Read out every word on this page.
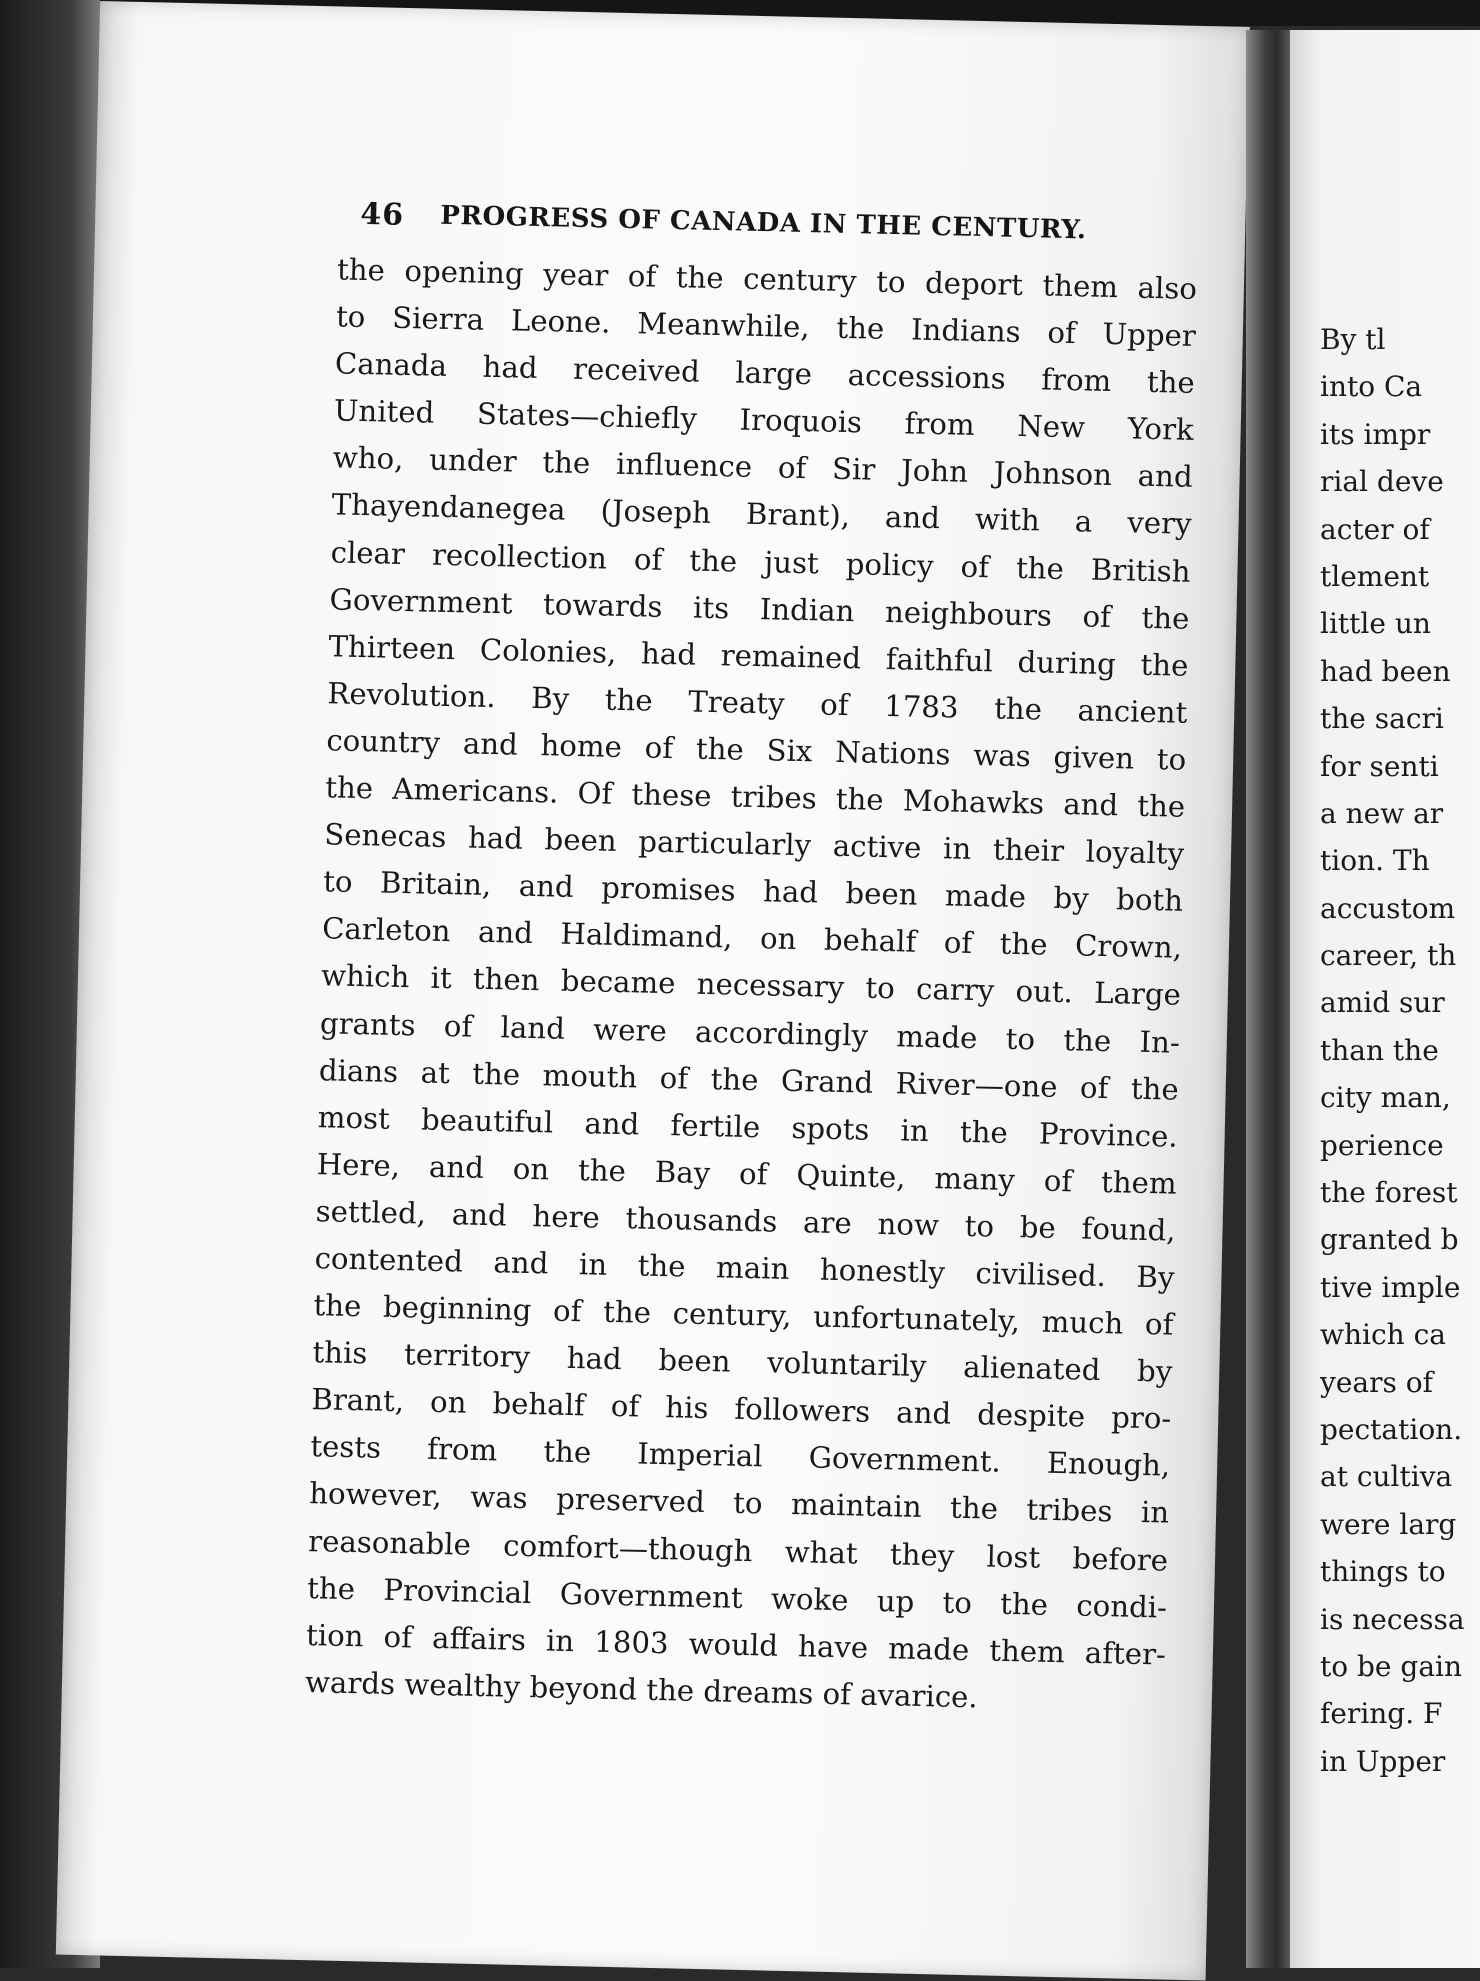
46 PROGRESS OF CANADA IN THE CENTURY.
the opening year of the century to deport them also
to Sierra Leone. Meanwhile, the Indians of Upper
Canada had received large accessions from the
United States—chiefly Iroquois from New York
who, under the influence of Sir John Johnson and
Thayendanegea (Joseph Brant), and with a very
clear recollection of the just policy of the British
Government towards its Indian neighbours of the
Thirteen Colonies, had remained faithful during the
Revolution. By the Treaty of 1783 the ancient
country and home of the Six Nations was given to
the Americans. Of these tribes the Mohawks and the
Senecas had been particularly active in their loyalty
to Britain, and promises had been made by both
Carleton and Haldimand, on behalf of the Crown,
which it then became necessary to carry out. Large
grants of land were accordingly made to the In-
dians at the mouth of the Grand River—one of the
most beautiful and fertile spots in the Province.
Here, and on the Bay of Quinte, many of them
settled, and here thousands are now to be found,
contented and in the main honestly civilised. By
the beginning of the century, unfortunately, much of
this territory had been voluntarily alienated by
Brant, on behalf of his followers and despite pro-
tests from the Imperial Government. Enough,
however, was preserved to maintain the tribes in
reasonable comfort—though what they lost before
the Provincial Government woke up to the condi-
tion of affairs in 1803 would have made them after-
wards wealthy beyond the dreams of avarice.
By tl
into Ca
its impr
rial deve
acter of
tlement
little un
had been
the sacri
for senti
a new ar
tion. Th
accustom
career, th
amid sur
than the
city man,
perience
the forest
granted b
tive imple
which ca
years of
pectation.
at cultiva
were larg
things to
is necessa
to be gain
fering. F
in Upper
